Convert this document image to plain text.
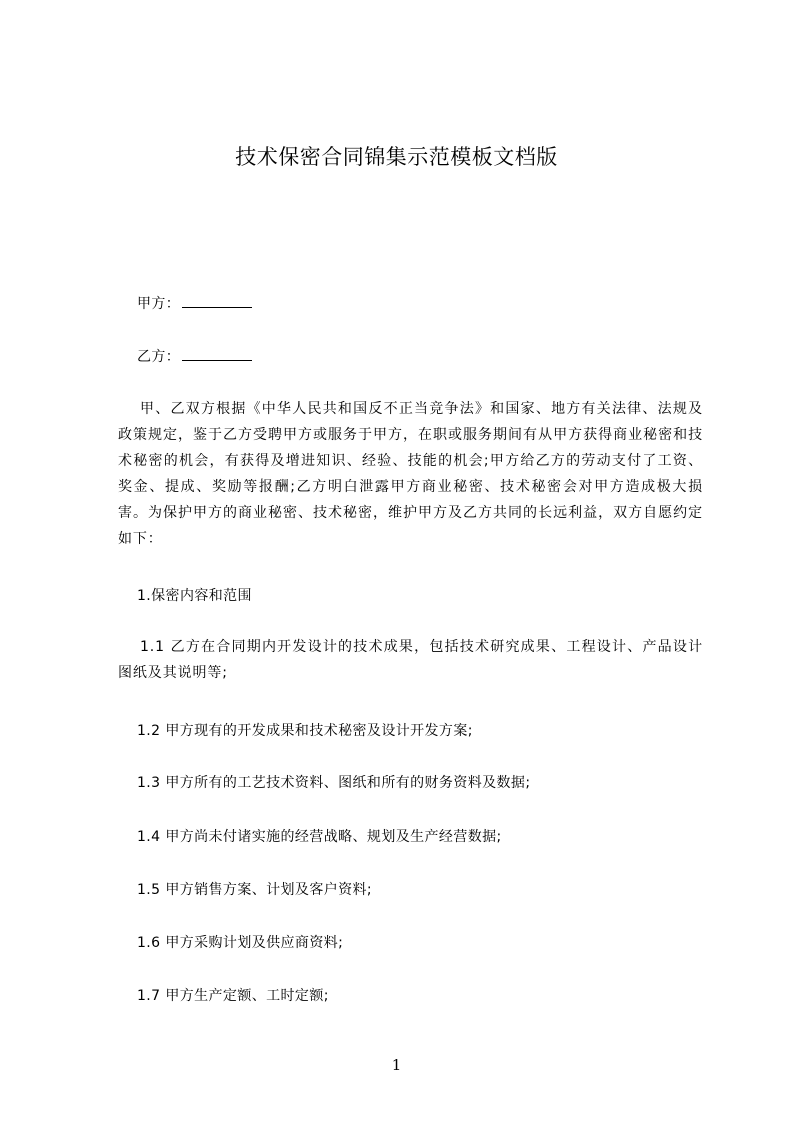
技术保密合同锦集示范模板文档版
甲方：
乙方：
甲、乙双方根据《中华人民共和国反不正当竞争法》和国家、地方有关法律、法规及政策规定，鉴于乙方受聘甲方或服务于甲方，在职或服务期间有从甲方获得商业秘密和技术秘密的机会，有获得及增进知识、经验、技能的机会;甲方给乙方的劳动支付了工资、奖金、提成、奖励等报酬;乙方明白泄露甲方商业秘密、技术秘密会对甲方造成极大损害。为保护甲方的商业秘密、技术秘密，维护甲方及乙方共同的长远利益，双方自愿约定如下：
1.保密内容和范围
1.1 乙方在合同期内开发设计的技术成果，包括技术研究成果、工程设计、产品设计图纸及其说明等;
1.2 甲方现有的开发成果和技术秘密及设计开发方案;
1.3 甲方所有的工艺技术资料、图纸和所有的财务资料及数据;
1.4 甲方尚未付诸实施的经营战略、规划及生产经营数据;
1.5 甲方销售方案、计划及客户资料;
1.6 甲方采购计划及供应商资料;
1.7 甲方生产定额、工时定额;
1
